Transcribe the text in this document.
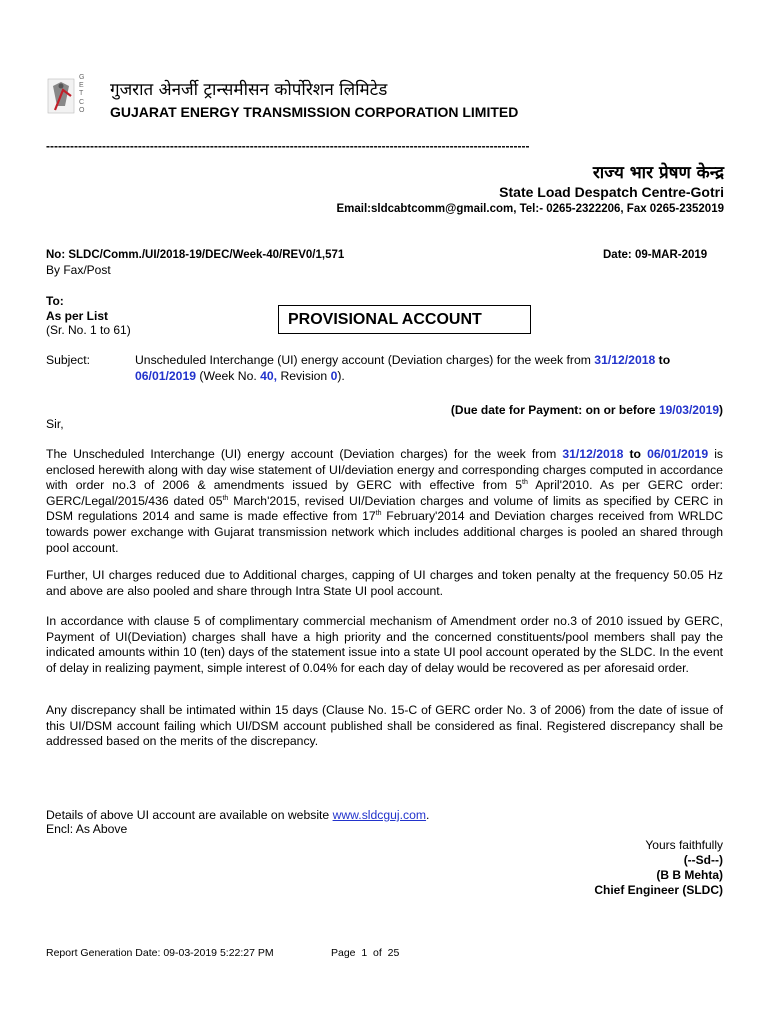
GETCO
गुजरात अेनर्जी ट्रान्समीसन कोर्पोरेशन लिमिटेड
GUJARAT ENERGY TRANSMISSION CORPORATION LIMITED
-------------------------------------------------------------------------------------------------------------------------
राज्य भार प्रेषण केन्द्र
State Load Despatch Centre-Gotri
Email:sldcabtcomm@gmail.com, Tel:- 0265-2322206, Fax 0265-2352019
No: SLDC/Comm./UI/2018-19/DEC/Week-40/REV0/1,571	Date: 09-MAR-2019
By Fax/Post
To:
As per List
(Sr. No. 1 to 61)
PROVISIONAL ACCOUNT
Subject:	Unscheduled Interchange (UI) energy account (Deviation charges) for the week from 31/12/2018 to
06/01/2019 (Week No. 40, Revision 0).
(Due date for Payment: on or before 19/03/2019)
Sir,
The Unscheduled Interchange (UI) energy account (Deviation charges) for the week from 31/12/2018 to 06/01/2019 is enclosed herewith along with day wise statement of UI/deviation energy and corresponding charges computed in accordance with order no.3 of 2006 & amendments issued by GERC with effective from 5th April'2010. As per GERC order: GERC/Legal/2015/436 dated 05th March'2015, revised UI/Deviation charges and volume of limits as specified by CERC in DSM regulations 2014 and same is made effective from 17th February'2014 and Deviation charges received from WRLDC towards power exchange with Gujarat transmission network which includes additional charges is pooled an shared through pool account.
Further, UI charges reduced due to Additional charges, capping of UI charges and token penalty at the frequency 50.05 Hz and above are also pooled and share through Intra State UI pool account.
In accordance with clause 5 of complimentary commercial mechanism of Amendment order no.3 of 2010 issued by GERC, Payment of UI(Deviation) charges shall have a high priority and the concerned constituents/pool members shall pay the indicated amounts within 10 (ten) days of the statement issue into a state UI pool account operated by the SLDC. In the event of delay in realizing payment, simple interest of 0.04% for each day of delay would be recovered as per aforesaid order.
Any discrepancy shall be intimated within 15 days (Clause No. 15-C of GERC order No. 3 of 2006) from the date of issue of this UI/DSM account failing which UI/DSM account published shall be considered as final. Registered discrepancy shall be addressed based on the merits of the discrepancy.
Details of above UI account are available on website www.sldcguj.com.
Encl: As Above
Yours faithfully
(--Sd--)
(B B Mehta)
Chief Engineer (SLDC)
Report Generation Date: 09-03-2019 5:22:27 PM	Page  1  of  25
